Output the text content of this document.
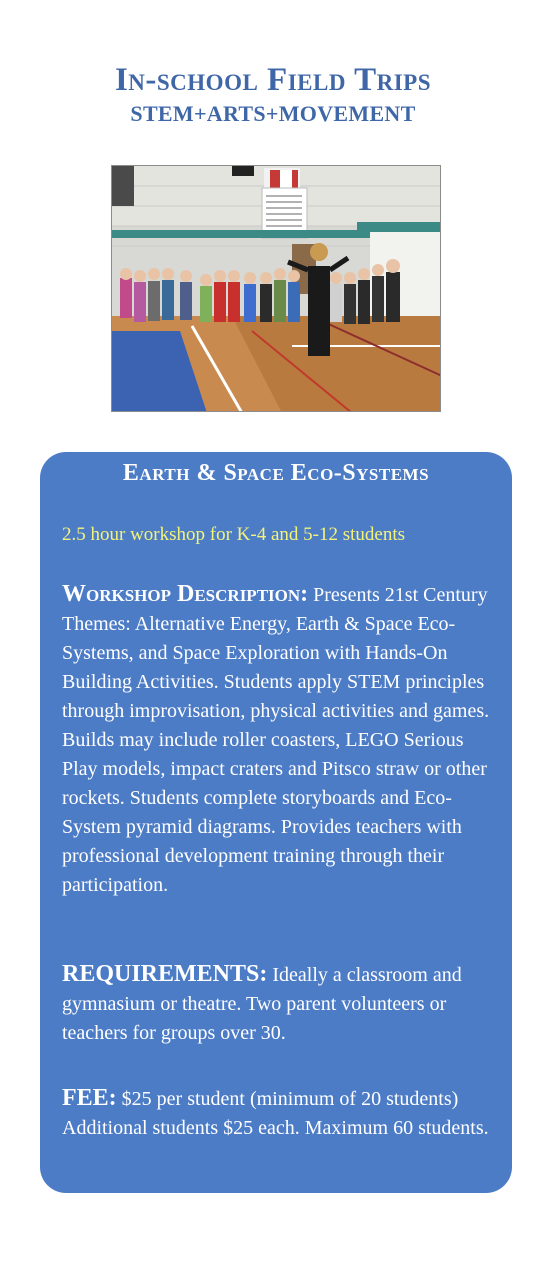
In-school Field Trips
STEM+ARTS+MOVEMENT
Earth & Space Eco-Systems
2.5 hour workshop for K-4 and 5-12 students
Workshop Description: Presents 21st Century Themes: Alternative Energy, Earth & Space Eco-Systems, and Space Exploration with Hands-On Building Activities. Students apply STEM principles through improvisation, physical activities and games. Builds may include roller coasters, LEGO Serious Play models, impact craters and Pitsco straw or other rockets. Students complete storyboards and Eco-System pyramid diagrams. Provides teachers with professional development training through their participation.
REQUIREMENTS: Ideally a classroom and gymnasium or theatre. Two parent volunteers or teachers for groups over 30.
FEE: $25 per student (minimum of 20 students) Additional students $25 each. Maximum 60 students.
